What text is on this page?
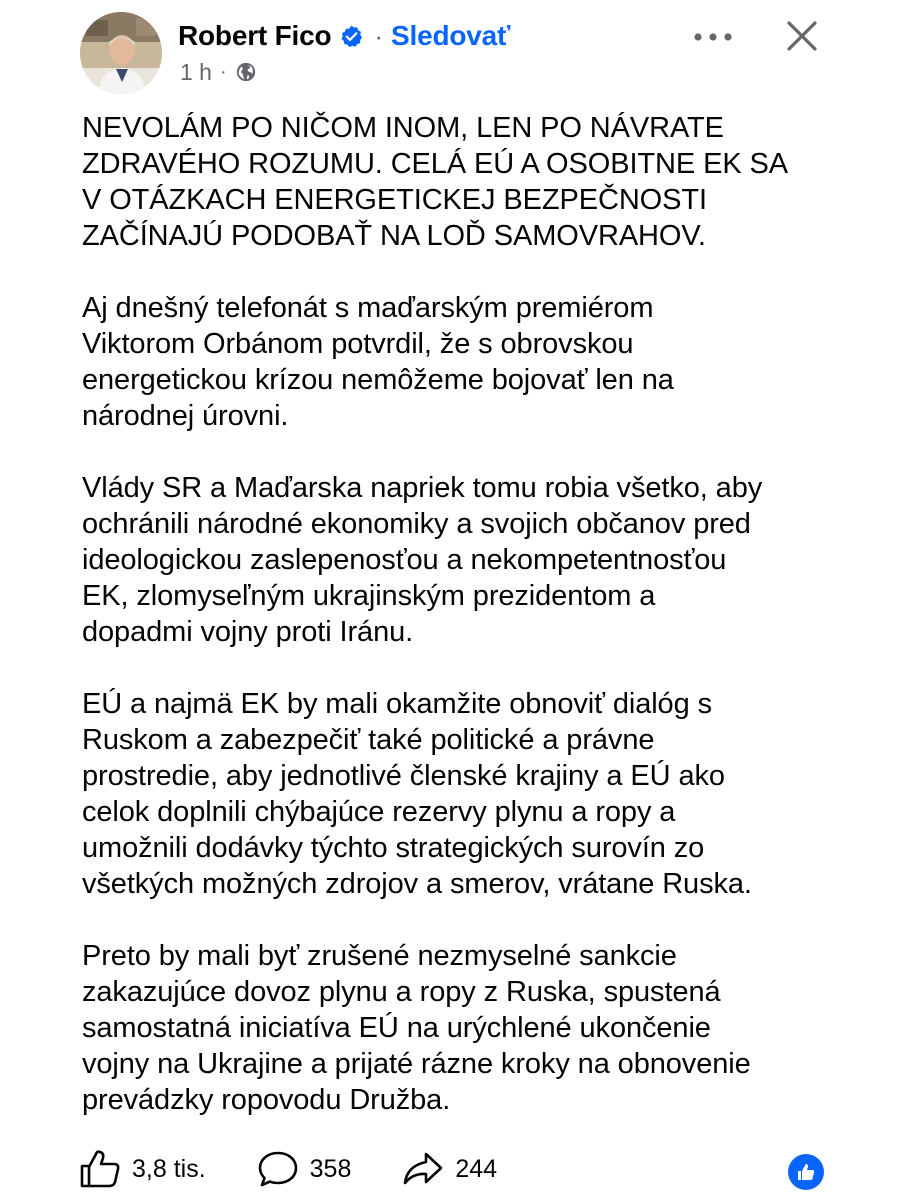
Robert Fico · Sledovať
1 h ·

NEVOLÁM PO NIČOM INOM, LEN PO NÁVRATE
ZDRAVÉHO ROZUMU. CELÁ EÚ A OSOBITNE EK SA
V OTÁZKACH ENERGETICKEJ BEZPEČNOSTI
ZAČÍNAJÚ PODOBAŤ NA LOĎ SAMOVRAHOV.

Aj dnešný telefonát s maďarským premiérom
Viktorom Orbánom potvrdil, že s obrovskou
energetickou krízou nemôžeme bojovať len na
národnej úrovni.

Vlády SR a Maďarska napriek tomu robia všetko, aby
ochránili národné ekonomiky a svojich občanov pred
ideologickou zaslepenosťou a nekompetentnosťou
EK, zlomyseľným ukrajinským prezidentom a
dopadmi vojny proti Iránu.

EÚ a najmä EK by mali okamžite obnoviť dialóg s
Ruskom a zabezpečiť také politické a právne
prostredie, aby jednotlivé členské krajiny a EÚ ako
celok doplnili chýbajúce rezervy plynu a ropy a
umožnili dodávky týchto strategických surovín zo
všetkých možných zdrojov a smerov, vrátane Ruska.

Preto by mali byť zrušené nezmyselné sankcie
zakazujúce dovoz plynu a ropy z Ruska, spustená
samostatná iniciatíva EÚ na urýchlené ukončenie
vojny na Ukrajine a prijaté rázne kroky na obnovenie
prevádzky ropovodu Družba.

3,8 tis.	358	244
